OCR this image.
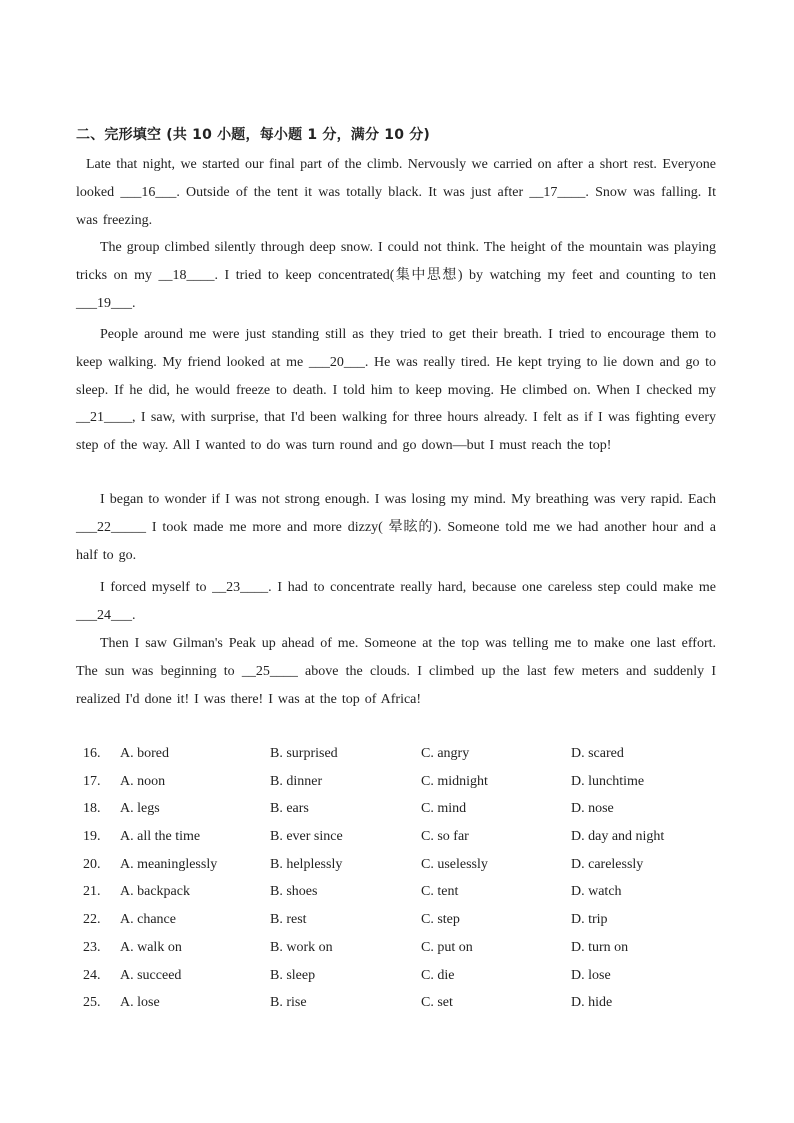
二、完形填空 (共 10 小题，每小题 1 分，满分 10 分)
Late that night, we started our final part of the climb. Nervously we carried on after a short rest. Everyone looked ___16___. Outside of the tent it was totally black. It was just after __17____. Snow was falling. It was freezing.
The group climbed silently through deep snow. I could not think. The height of the mountain was playing tricks on my __18____. I tried to keep concentrated(集中思想) by watching my feet and counting to ten ___19___.
People around me were just standing still as they tried to get their breath. I tried to encourage them to keep walking. My friend looked at me ___20___. He was really tired. He kept trying to lie down and go to sleep. If he did, he would freeze to death. I told him to keep moving. He climbed on. When I checked my __21____, I saw, with surprise, that I'd been walking for three hours already. I felt as if I was fighting every step of the way. All I wanted to do was turn round and go down—but I must reach the top!
I began to wonder if I was not strong enough. I was losing my mind. My breathing was very rapid. Each ___22_____ I took made me more and more dizzy( 晕眩的). Someone told me we had another hour and a half to go.
I forced myself to __23____. I had to concentrate really hard, because one careless step could make me ___24___.
Then I saw Gilman's Peak up ahead of me. Someone at the top was telling me to make one last effort. The sun was beginning to __25____ above the clouds. I climbed up the last few meters and suddenly I realized I'd done it! I was there! I was at the top of Africa!
16. A. bored	B. surprised	C. angry	D. scared
17. A. noon	B. dinner	C. midnight	D. lunchtime
18. A. legs	B. ears	C. mind	D. nose
19. A. all the time	B. ever since	C. so far	D. day and night
20. A. meaninglessly	B. helplessly	C. uselessly	D. carelessly
21. A. backpack	B. shoes	C. tent	D. watch
22. A. chance	B. rest	C. step	D. trip
23. A. walk on	B. work on	C. put on	D. turn on
24. A. succeed	B. sleep	C. die	D. lose
25. A. lose	B. rise	C. set	D. hide
